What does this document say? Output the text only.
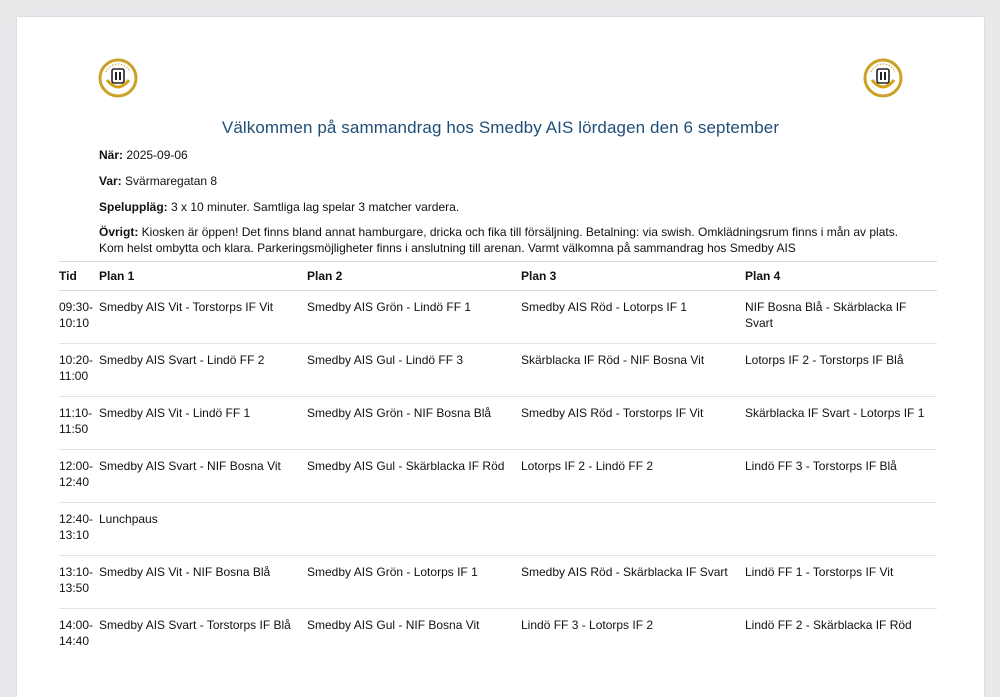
Välkommen på sammandrag hos Smedby AIS lördagen den 6 september

När: 2025-09-06

Var: Svärmaregatan 8

Speluppläg: 3 x 10 minuter. Samtliga lag spelar 3 matcher vardera.

Övrigt: Kiosken är öppen! Det finns bland annat hamburgare, dricka och fika till försäljning. Betalning: via swish. Omklädningsrum finns i mån av plats. Kom helst ombytta och klara. Parkeringsmöjligheter finns i anslutning till arenan. Varmt välkomna på sammandrag hos Smedby AIS

Tid	Plan 1	Plan 2	Plan 3	Plan 4
09:30-
10:10	Smedby AIS Vit - Torstorps IF Vit	Smedby AIS Grön - Lindö FF 1	Smedby AIS Röd - Lotorps IF 1	NIF Bosna Blå - Skärblacka IF Svart
10:20-
11:00	Smedby AIS Svart - Lindö FF 2	Smedby AIS Gul - Lindö FF 3	Skärblacka IF Röd - NIF Bosna Vit	Lotorps IF 2 - Torstorps IF Blå
11:10-
11:50	Smedby AIS Vit - Lindö FF 1	Smedby AIS Grön - NIF Bosna Blå	Smedby AIS Röd - Torstorps IF Vit	Skärblacka IF Svart - Lotorps IF 1
12:00-
12:40	Smedby AIS Svart - NIF Bosna Vit	Smedby AIS Gul - Skärblacka IF Röd	Lotorps IF 2 - Lindö FF 2	Lindö FF 3 - Torstorps IF Blå
12:40-
13:10	Lunchpaus			
13:10-
13:50	Smedby AIS Vit - NIF Bosna Blå	Smedby AIS Grön - Lotorps IF 1	Smedby AIS Röd - Skärblacka IF Svart	Lindö FF 1 - Torstorps IF Vit
14:00-
14:40	Smedby AIS Svart - Torstorps IF Blå	Smedby AIS Gul - NIF Bosna Vit	Lindö FF 3 - Lotorps IF 2	Lindö FF 2 - Skärblacka IF Röd
